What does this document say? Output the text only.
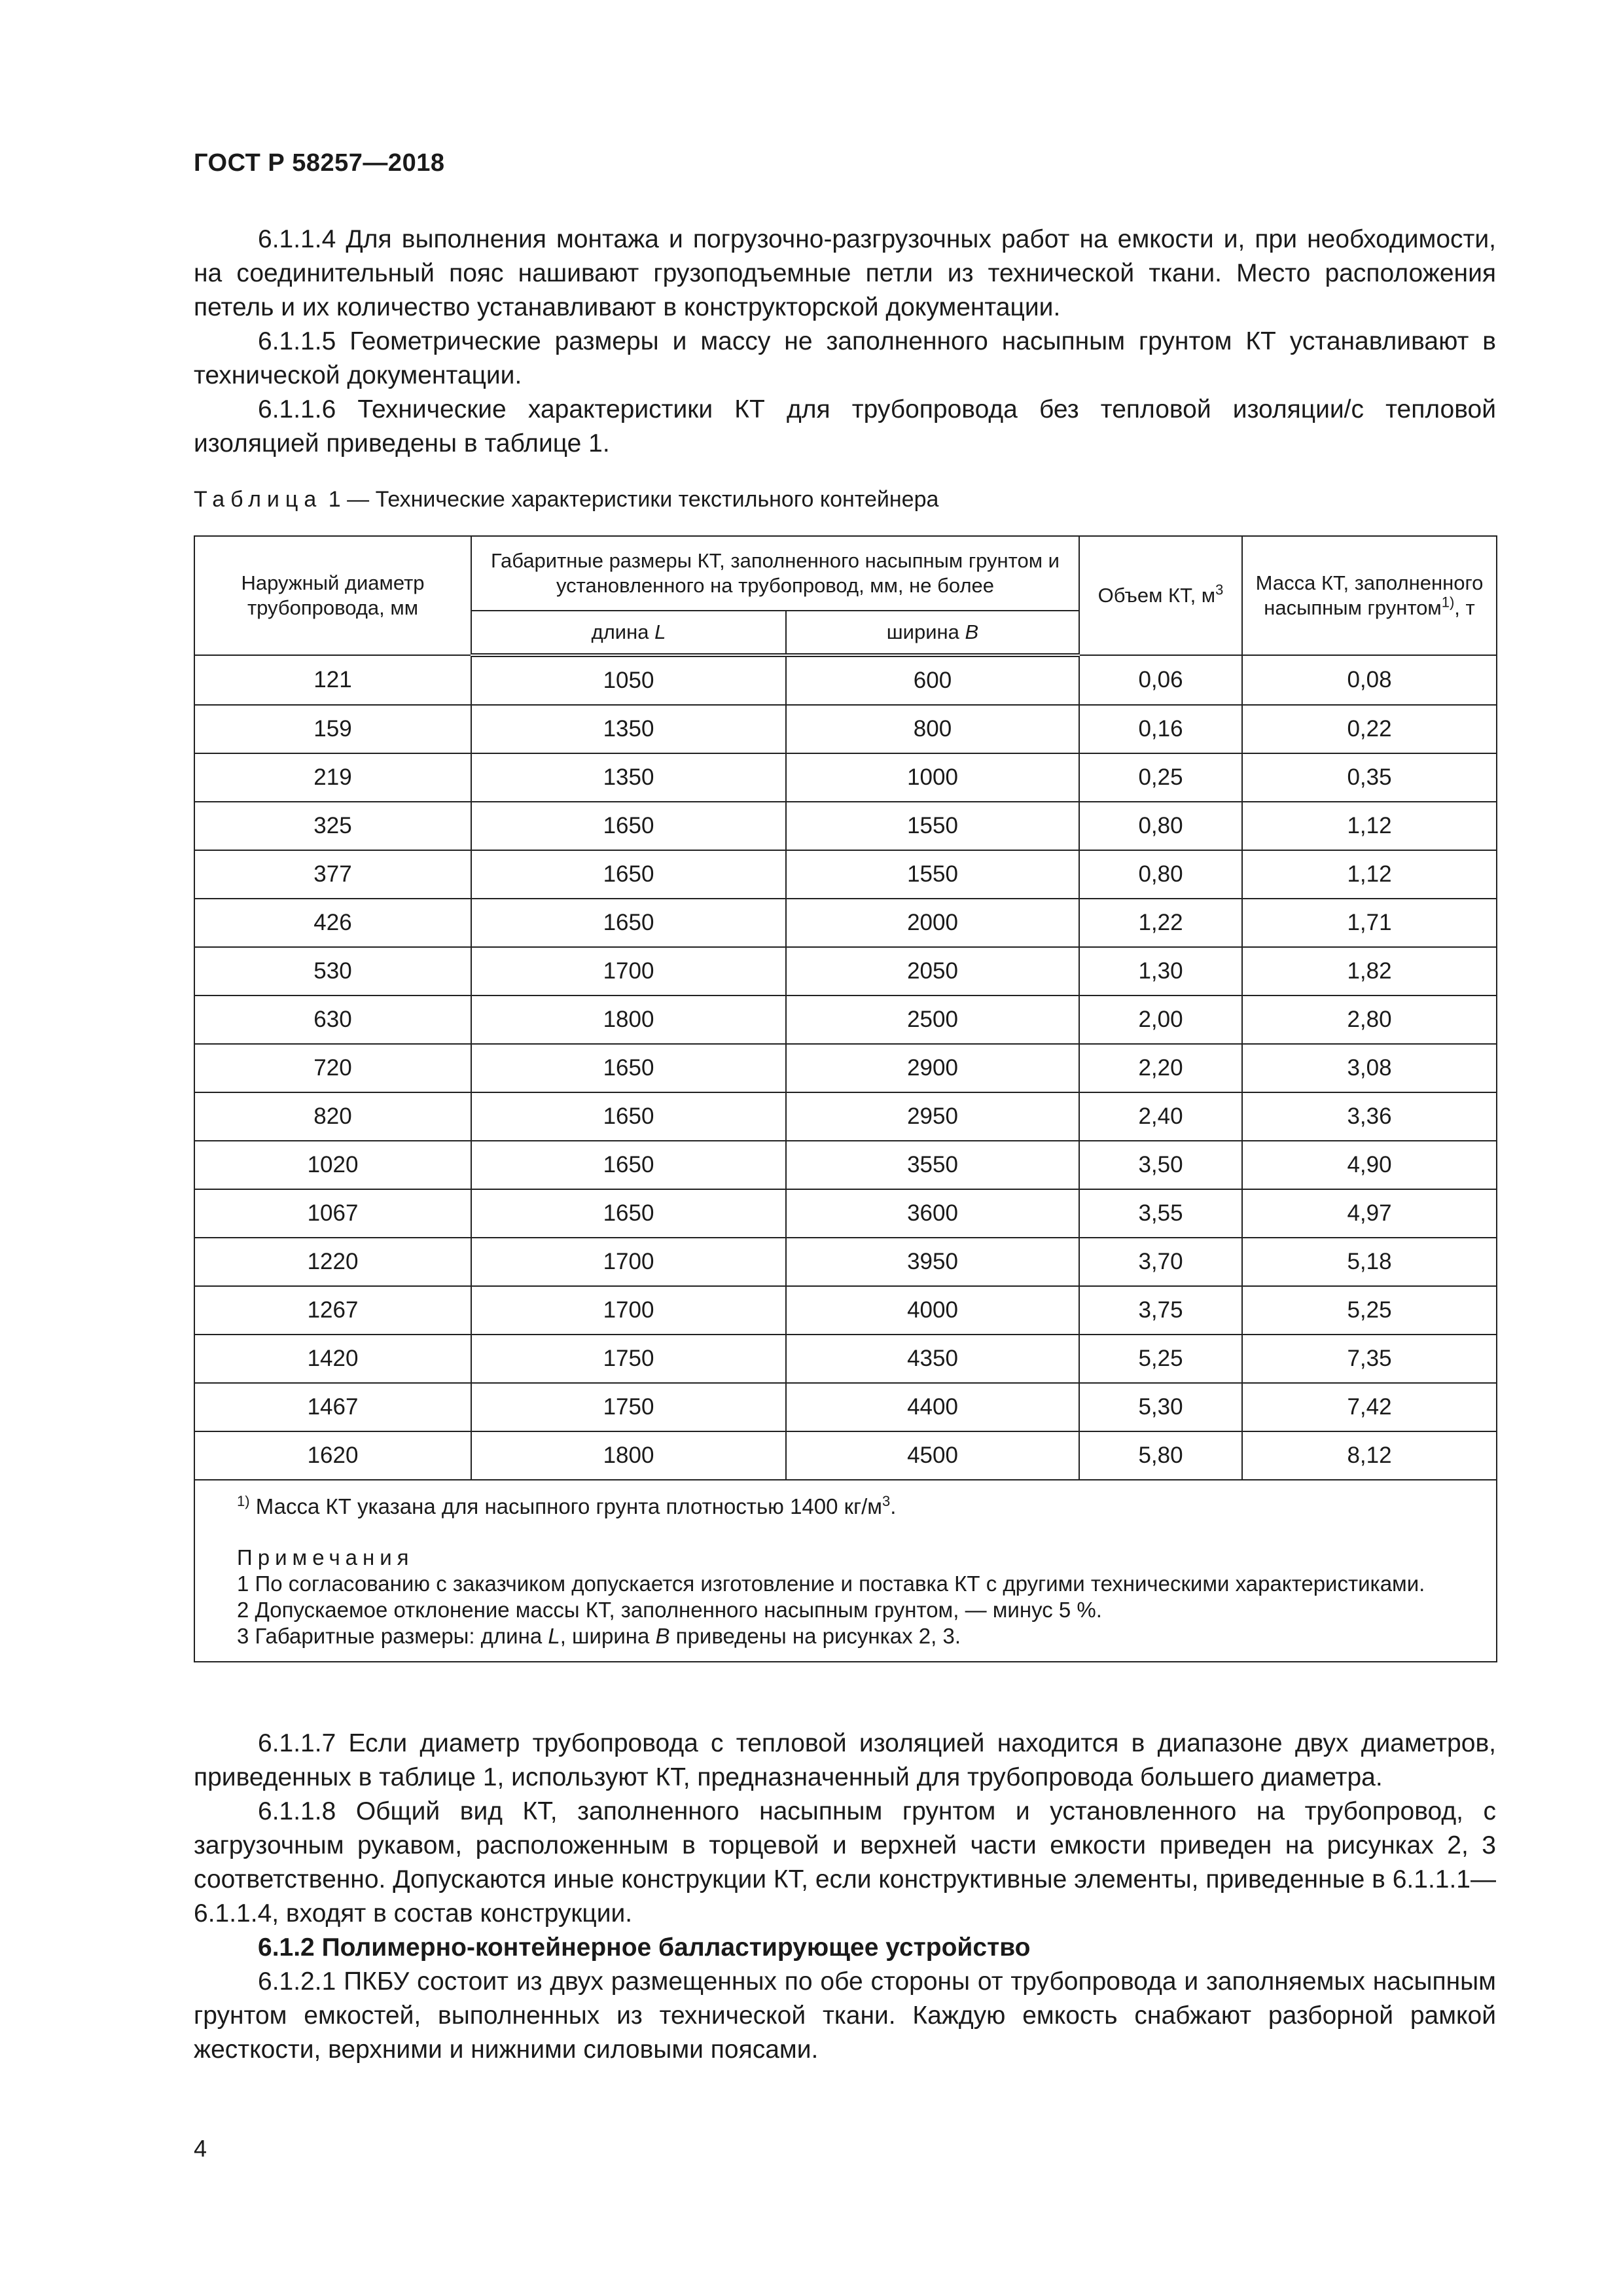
ГОСТ Р 58257—2018

6.1.1.4 Для выполнения монтажа и погрузочно-разгрузочных работ на емкости и, при необходимости, на соединительный пояс нашивают грузоподъемные петли из технической ткани. Место расположения петель и их количество устанавливают в конструкторской документации.

6.1.1.5 Геометрические размеры и массу не заполненного насыпным грунтом КТ устанавливают в технической документации.

6.1.1.6 Технические характеристики КТ для трубопровода без тепловой изоляции/с тепловой изоляцией приведены в таблице 1.

Таблица 1 — Технические характеристики текстильного контейнера
Наружный диаметр трубопровода, мм	Габаритные размеры КТ, заполненного насыпным грунтом и установленного на трубопровод, мм, не более		Объем КТ, $м^3$	Масса КТ, заполненного насыпным грунтом$^{1)}$, т
	длина L	ширина B		
121	1050	600	0,06	0,08
159	1350	800	0,16	0,22
219	1350	1000	0,25	0,35
325	1650	1550	0,80	1,12
377	1650	1550	0,80	1,12
426	1650	2000	1,22	1,71
530	1700	2050	1,30	1,82
630	1800	2500	2,00	2,80
720	1650	2900	2,20	3,08
820	1650	2950	2,40	3,36
1020	1650	3550	3,50	4,90
1067	1650	3600	3,55	4,97
1220	1700	3950	3,70	5,18
1267	1700	4000	3,75	5,25
1420	1750	4350	5,25	7,35
1467	1750	4400	5,30	7,42
1620	1800	4500	5,80	8,12

$^{1)}$ Масса КТ указана для насыпного грунта плотностью 1400 $кг/м^3$.

Примечания

1 По согласованию с заказчиком допускается изготовление и поставка КТ с другими техническими характеристиками.

2 Допускаемое отклонение массы КТ, заполненного насыпным грунтом, — минус 5 %.

3 Габаритные размеры: длина L, ширина B приведены на рисунках 2, 3.				

6.1.1.7 Если диаметр трубопровода с тепловой изоляцией находится в диапазоне двух диаметров, приведенных в таблице 1, используют КТ, предназначенный для трубопровода большего диаметра.

6.1.1.8 Общий вид КТ, заполненного насыпным грунтом и установленного на трубопровод, с загрузочным рукавом, расположенным в торцевой и верхней части емкости приведен на рисунках 2, 3 соответственно. Допускаются иные конструкции КТ, если конструктивные элементы, приведенные в 6.1.1.1—6.1.1.4, входят в состав конструкции.

6.1.2 Полимерно-контейнерное балластирующее устройство

6.1.2.1 ПКБУ состоит из двух размещенных по обе стороны от трубопровода и заполняемых насыпным грунтом емкостей, выполненных из технической ткани. Каждую емкость снабжают разборной рамкой жесткости, верхними и нижними силовыми поясами.

4
